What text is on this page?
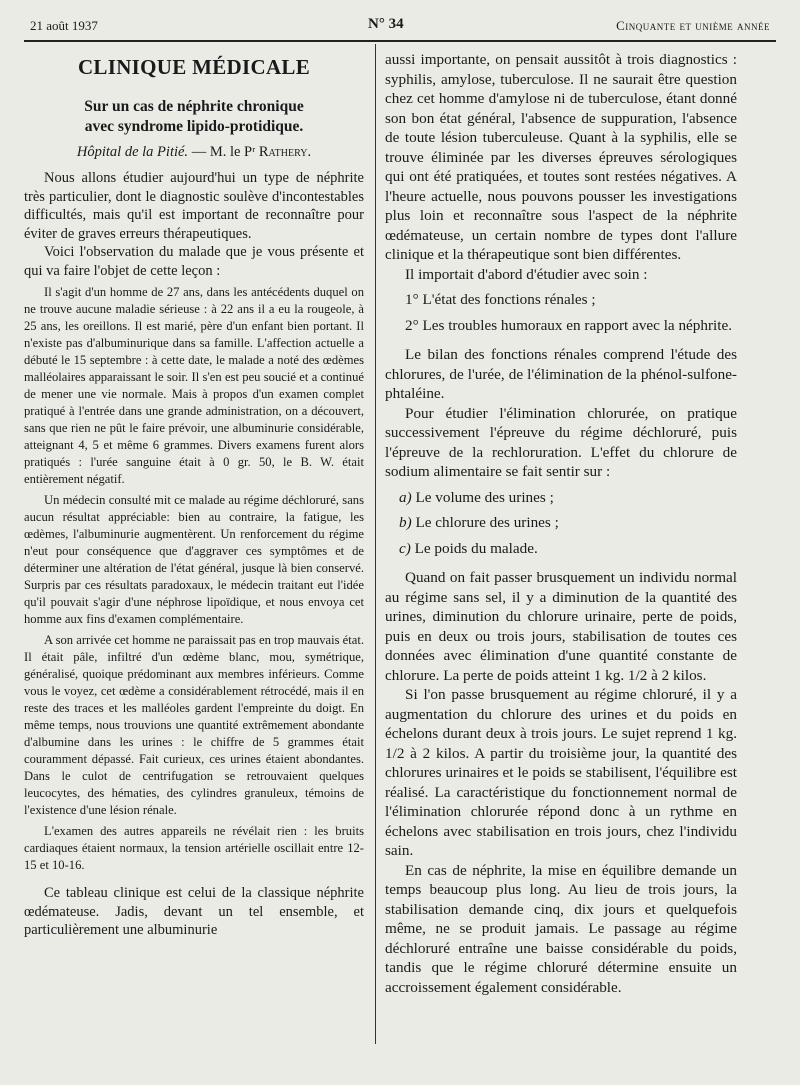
21 août 1937	N° 34	Cinquante et unième année
CLINIQUE MÉDICALE
Sur un cas de néphrite chronique
avec syndrome lipido-protidique.
Hôpital de la Pitié. — M. le Pʳ Rathery.

Nous allons étudier aujourd'hui un type de néphrite très particulier, dont le diagnostic soulève d'incontestables difficultés, mais qu'il est important de reconnaître pour éviter de graves erreurs thérapeutiques.

Voici l'observation du malade que je vous présente et qui va faire l'objet de cette leçon :

Il s'agit d'un homme de 27 ans, dans les antécédents duquel on ne trouve aucune maladie sérieuse : à 22 ans il a eu la rougeole, à 25 ans, les oreillons. Il est marié, père d'un enfant bien portant. Il n'existe pas d'albuminurique dans sa famille. L'affection actuelle a débuté le 15 septembre : à cette date, le malade a noté des œdèmes malléolaires apparaissant le soir. Il s'en est peu soucié et a continué de mener une vie normale. Mais à propos d'un examen complet pratiqué à l'entrée dans une grande administration, on a découvert, sans que rien ne pût le faire prévoir, une albuminurie considérable, atteignant 4, 5 et même 6 grammes. Divers examens furent alors pratiqués : l'urée sanguine était à 0 gr. 50, le B. W. était entièrement négatif.

Un médecin consulté mit ce malade au régime déchloruré, sans aucun résultat appréciable: bien au contraire, la fatigue, les œdèmes, l'albuminurie augmentèrent. Un renforcement du régime n'eut pour conséquence que d'aggraver ces symptômes et de déterminer une altération de l'état général, jusque là bien conservé. Surpris par ces résultats paradoxaux, le médecin traitant eut l'idée qu'il pouvait s'agir d'une néphrose lipoïdique, et nous envoya cet homme aux fins d'examen complémentaire.

A son arrivée cet homme ne paraissait pas en trop mauvais état. Il était pâle, infiltré d'un œdème blanc, mou, symétrique, généralisé, quoique prédominant aux membres inférieurs. Comme vous le voyez, cet œdème a considérablement rétrocédé, mais il en reste des traces et les malléoles gardent l'empreinte du doigt. En même temps, nous trouvions une quantité extrêmement abondante d'albumine dans les urines : le chiffre de 5 grammes était couramment dépassé. Fait curieux, ces urines étaient abondantes. Dans le culot de centrifugation se retrouvaient quelques leucocytes, des hématies, des cylindres granuleux, témoins de l'existence d'une lésion rénale.

L'examen des autres appareils ne révélait rien : les bruits cardiaques étaient normaux, la tension artérielle oscillait entre 12-15 et 10-16.

Ce tableau clinique est celui de la classique néphrite œdémateuse. Jadis, devant un tel ensemble, et particulièrement une albuminurie

aussi importante, on pensait aussitôt à trois diagnostics : syphilis, amylose, tuberculose. Il ne saurait être question chez cet homme d'amylose ni de tuberculose, étant donné son bon état général, l'absence de suppuration, l'absence de toute lésion tuberculeuse. Quant à la syphilis, elle se trouve éliminée par les diverses épreuves sérologiques qui ont été pratiquées, et toutes sont restées négatives. A l'heure actuelle, nous pouvons pousser les investigations plus loin et reconnaître sous l'aspect de la néphrite œdémateuse, un certain nombre de types dont l'allure clinique et la thérapeutique sont bien différentes.

Il importait d'abord d'étudier avec soin :

1° L'état des fonctions rénales ;

2° Les troubles humoraux en rapport avec la néphrite.

Le bilan des fonctions rénales comprend l'étude des chlorures, de l'urée, de l'élimination de la phénol-sulfone-phtaléine.

Pour étudier l'élimination chlorurée, on pratique successivement l'épreuve du régime déchloruré, puis l'épreuve de la rechloruration. L'effet du chlorure de sodium alimentaire se fait sentir sur :

a) Le volume des urines ;

b) Le chlorure des urines ;

c) Le poids du malade.

Quand on fait passer brusquement un individu normal au régime sans sel, il y a diminution de la quantité des urines, diminution du chlorure urinaire, perte de poids, puis en deux ou trois jours, stabilisation de toutes ces données avec élimination d'une quantité constante de chlorure. La perte de poids atteint 1 kg. 1/2 à 2 kilos.

Si l'on passe brusquement au régime chloruré, il y a augmentation du chlorure des urines et du poids en échelons durant deux à trois jours. Le sujet reprend 1 kg. 1/2 à 2 kilos. A partir du troisième jour, la quantité des chlorures urinaires et le poids se stabilisent, l'équilibre est réalisé. La caractéristique du fonctionnement normal de l'élimination chlorurée répond donc à un rythme en échelons avec stabilisation en trois jours, chez l'individu sain.

En cas de néphrite, la mise en équilibre demande un temps beaucoup plus long. Au lieu de trois jours, la stabilisation demande cinq, dix jours et quelquefois même, ne se produit jamais. Le passage au régime déchloruré entraîne une baisse considérable du poids, tandis que le régime chloruré détermine ensuite un accroissement également considérable.
